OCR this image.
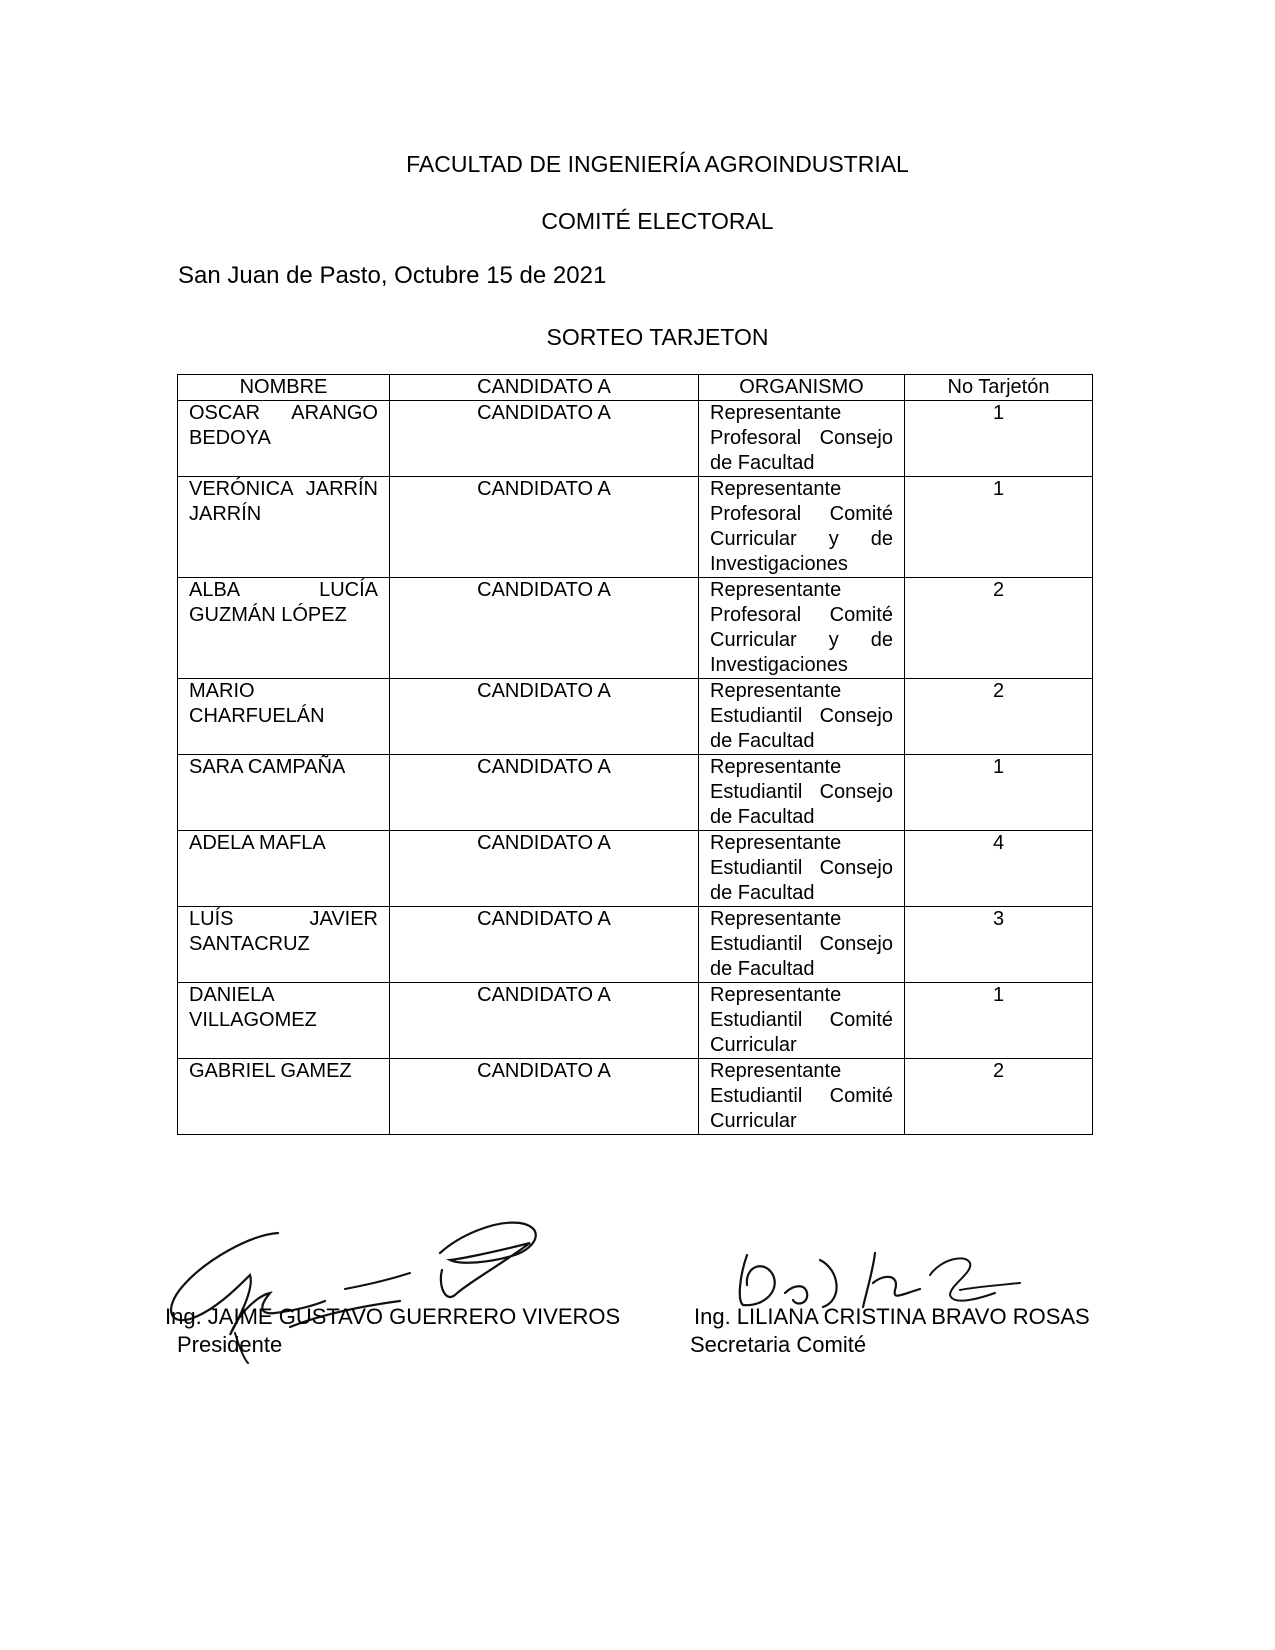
FACULTAD DE INGENIERÍA AGROINDUSTRIAL
COMITÉ ELECTORAL
San Juan de Pasto, Octubre 15 de 2021
SORTEO TARJETON
NOMBRE	CANDIDATO A	ORGANISMO	No Tarjetón

OSCAR ARANGO
BEDOYA	CANDIDATO A	Representante Profesoral Consejo de Facultad	1

VERÓNICA JARRÍN
JARRÍN	CANDIDATO A	Representante Profesoral Comité Curricular y de Investigaciones	1

ALBA LUCÍA
GUZMÁN LÓPEZ	CANDIDATO A	Representante Profesoral Comité Curricular y de Investigaciones	2

MARIO
CHARFUELÁN	CANDIDATO A	Representante Estudiantil Consejo de Facultad	2

SARA CAMPAÑA	CANDIDATO A	Representante Estudiantil Consejo de Facultad	1

ADELA MAFLA	CANDIDATO A	Representante Estudiantil Consejo de Facultad	4

LUÍS JAVIER
SANTACRUZ	CANDIDATO A	Representante Estudiantil Consejo de Facultad	3

DANIELA
VILLAGOMEZ	CANDIDATO A	Representante Estudiantil Comité Curricular	1

GABRIEL GAMEZ	CANDIDATO A	Representante Estudiantil Comité Curricular	2
Ing. JAIME GUSTAVO GUERRERO VIVEROS
Presidente
Ing. LILIANA CRISTINA BRAVO ROSAS
Secretaria Comité
